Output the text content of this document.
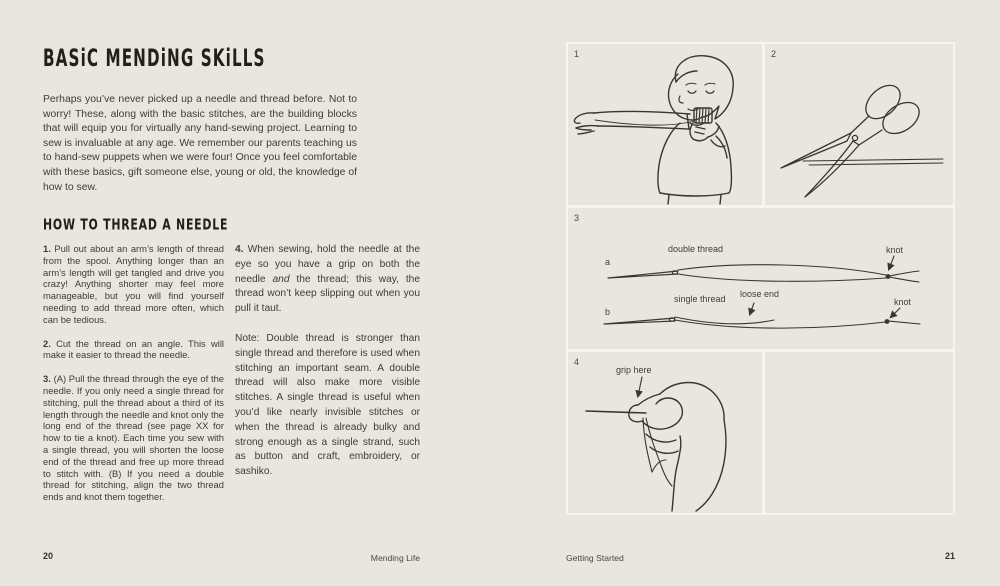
BASiC MENDiNG SKiLLS

Perhaps you’ve never picked up a needle and thread before. Not to worry! These, along with the basic stitches, are the building blocks that will equip you for virtually any hand-sewing project. Learning to sew is invaluable at any age. We remember our parents teaching us to hand-sew puppets when we were four! Once you feel comfortable with these basics, gift someone else, young or old, the knowledge of how to sew.

HOW TO THREAD A NEEDLE

1. Pull out about an arm’s length of thread from the spool. Anything longer than an arm’s length will get tangled and drive you crazy! Anything shorter may feel more manageable, but you will find yourself needing to add thread more often, which can be tedious.

2. Cut the thread on an angle. This will make it easier to thread the needle.

3. (A) Pull the thread through the eye of the needle. If you only need a single thread for stitching, pull the thread about a third of its length through the needle and knot only the long end of the thread (see page XX for how to tie a knot). Each time you sew with a single thread, you will shorten the loose end of the thread and free up more thread to stitch with. (B) If you need a double thread for stitching, align the two thread ends and knot them together.

4. When sewing, hold the needle at the eye so you have a grip on both the needle and the thread; this way, the thread won’t keep slipping out when you pull it taut.

Note: Double thread is stronger than single thread and therefore is used when stitching an important seam. A double thread will also make more visible stitches. A single thread is useful when you’d like nearly invisible stitches or when the thread is already bulky and strong enough as a single strand, such as button and craft, embroidery, or sashiko.

20	Mending Life
1	2
3
a
double thread	knot
b
single thread loose end
knot
4
grip here
Getting Started	21
